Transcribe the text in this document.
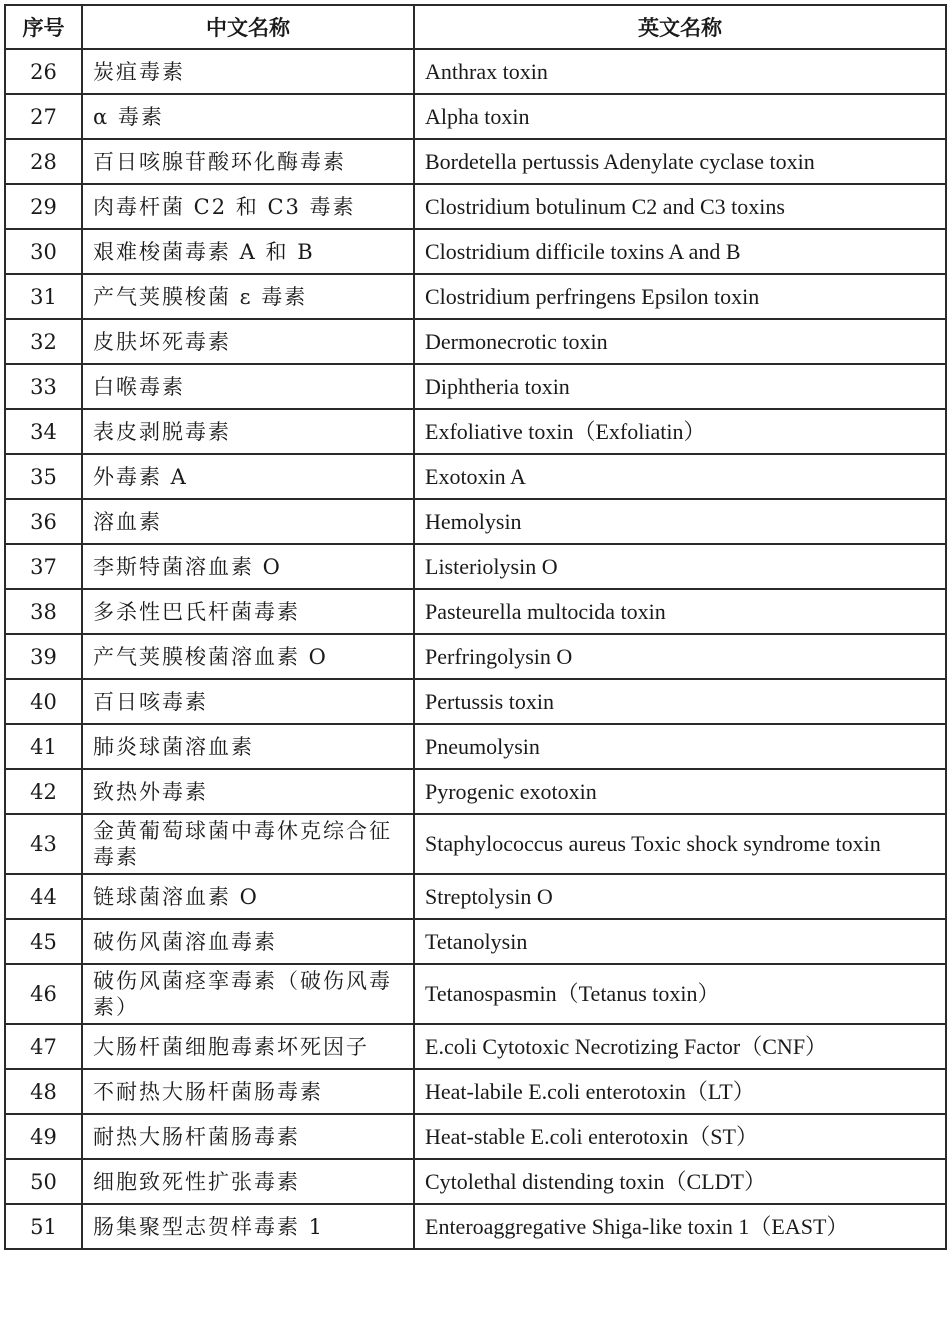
序号	中文名称	英文名称
26	炭疽毒素	Anthrax toxin
27	α 毒素	Alpha toxin
28	百日咳腺苷酸环化酶毒素	Bordetella pertussis Adenylate cyclase toxin
29	肉毒杆菌 C2 和 C3 毒素	Clostridium botulinum C2 and C3 toxins
30	艰难梭菌毒素 A 和 B	Clostridium difficile toxins A and B
31	产气荚膜梭菌 ε 毒素	Clostridium perfringens Epsilon toxin
32	皮肤坏死毒素	Dermonecrotic toxin
33	白喉毒素	Diphtheria toxin
34	表皮剥脱毒素	Exfoliative toxin（Exfoliatin）
35	外毒素 A	Exotoxin A
36	溶血素	Hemolysin
37	李斯特菌溶血素 O	Listeriolysin O
38	多杀性巴氏杆菌毒素	Pasteurella multocida toxin
39	产气荚膜梭菌溶血素 O	Perfringolysin O
40	百日咳毒素	Pertussis toxin
41	肺炎球菌溶血素	Pneumolysin
42	致热外毒素	Pyrogenic exotoxin
43	金黄葡萄球菌中毒休克综合征毒素	Staphylococcus aureus Toxic shock syndrome toxin
44	链球菌溶血素 O	Streptolysin O
45	破伤风菌溶血毒素	Tetanolysin
46	破伤风菌痉挛毒素（破伤风毒素）	Tetanospasmin（Tetanus toxin）
47	大肠杆菌细胞毒素坏死因子	E.coli Cytotoxic Necrotizing Factor（CNF）
48	不耐热大肠杆菌肠毒素	Heat-labile E.coli enterotoxin（LT）
49	耐热大肠杆菌肠毒素	Heat-stable E.coli enterotoxin（ST）
50	细胞致死性扩张毒素	Cytolethal distending toxin（CLDT）
51	肠集聚型志贺样毒素 1	Enteroaggregative Shiga-like toxin 1（EAST）
